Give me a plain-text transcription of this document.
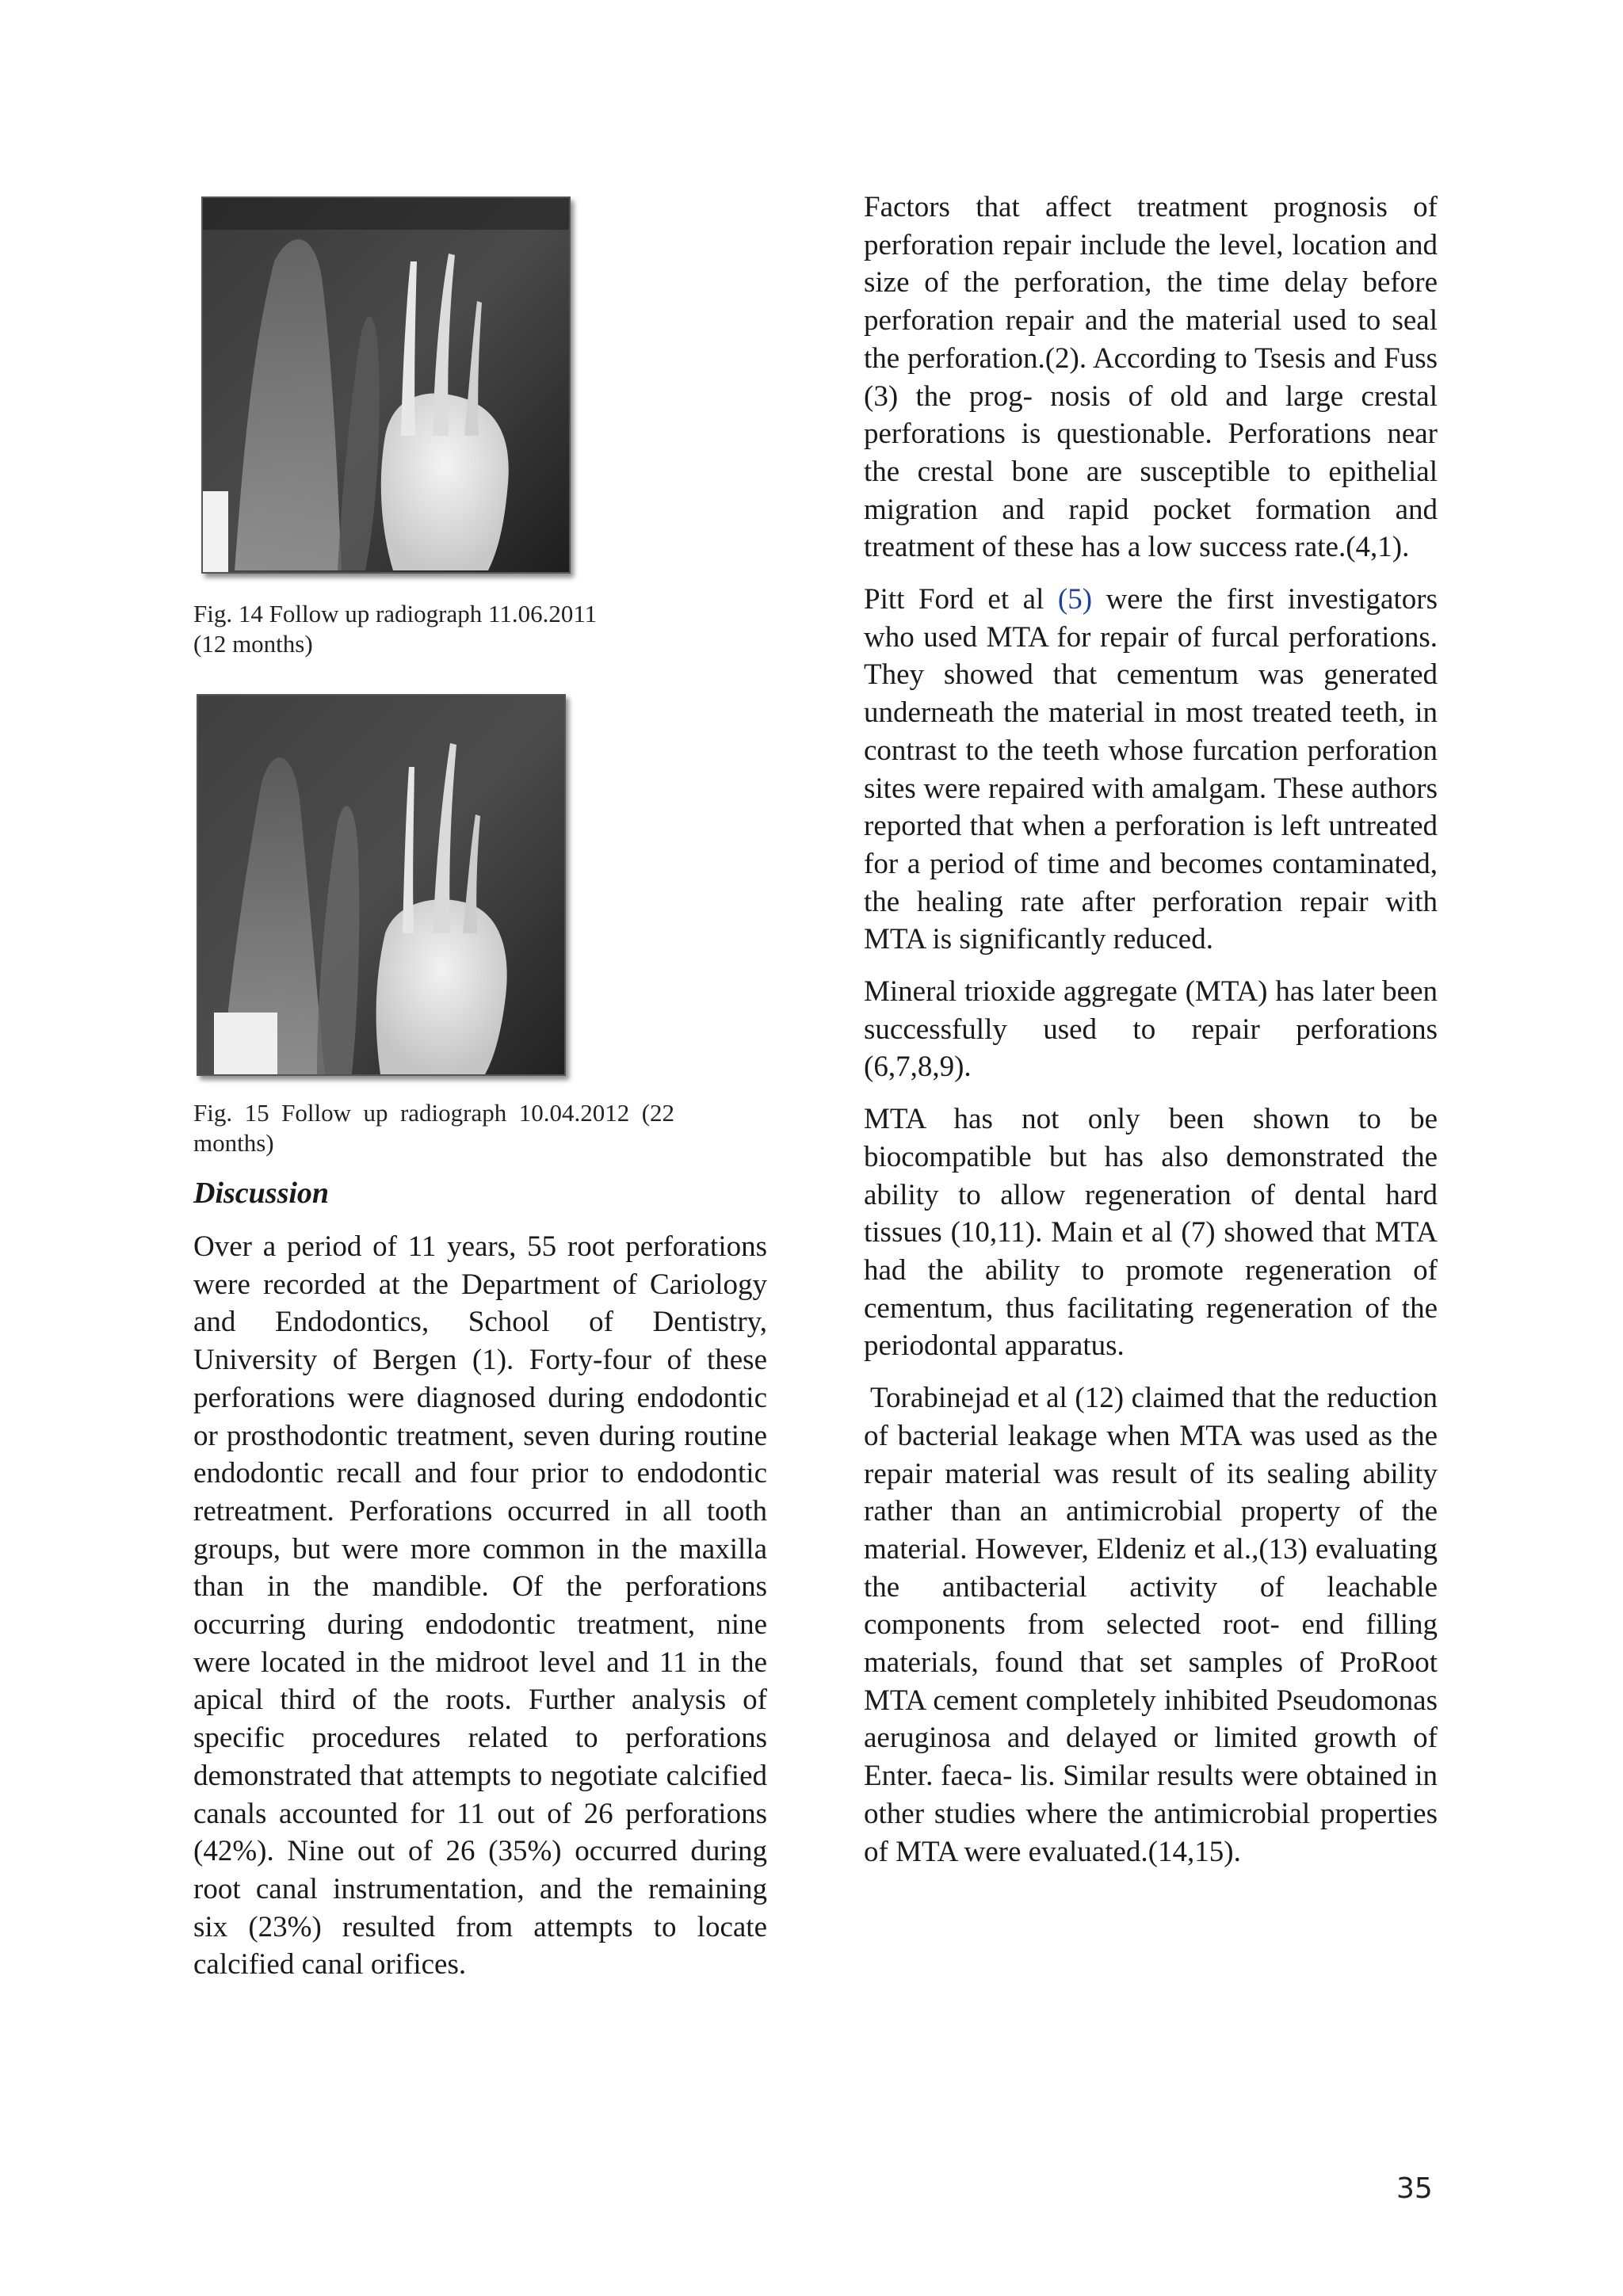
Fig. 14 Follow up radiograph 11.06.2011
(12 months)
Fig.  15  Follow  up  radiograph  10.04.2012  (22
months)
Discussion

Over a period of 11 years, 55 root perforations were recorded at the Department of Cariology and Endodontics, School of Dentistry, University of Bergen (1). Forty-four of these perforations were diagnosed during endodontic or prosthodontic treatment, seven during routine endodontic recall and four prior to endodontic retreatment. Perforations occurred in all tooth groups, but were more common in the maxilla than in the mandible. Of the perforations occurring during endodontic treatment, nine were located in the midroot level and 11 in the apical third of the roots. Further analysis of specific procedures related to perforations demonstrated that attempts to negotiate calcified canals accounted for 11 out of 26 perforations (42%). Nine out of 26 (35%) occurred during root canal instrumentation, and the remaining six (23%) resulted from attempts to locate calcified canal orifices.

Factors that affect treatment prognosis of perforation repair include the level, location and size of the perforation, the time delay before perforation repair and the material used to seal the perforation.(2). According to Tsesis and Fuss (3) the prog- nosis of old and large crestal perforations is questionable. Perforations near the crestal bone are susceptible to epithelial migration and rapid pocket formation and treatment of these has a low success rate.(4,1).

Pitt Ford et al (5) were the first investigators who used MTA for repair of furcal perforations. They showed that cementum was generated underneath the material in most treated teeth, in contrast to the teeth whose furcation perforation sites were repaired with amalgam. These authors reported that when a perforation is left untreated for a period of time and becomes contaminated, the healing rate after perforation repair with MTA is significantly reduced.

Mineral trioxide aggregate (MTA) has later been successfully used to repair perforations (6,7,8,9).

MTA has not only been shown to be biocompatible but has also demonstrated the ability to allow regeneration of dental hard tissues (10,11). Main et al (7) showed that MTA had the ability to promote regeneration of cementum, thus facilitating regeneration of the periodontal apparatus.

Torabinejad et al (12) claimed that the reduction of bacterial leakage when MTA was used as the repair material was result of its sealing ability rather than an antimicrobial property of the material. However, Eldeniz et al.,(13) evaluating the antibacterial activity of leachable components from selected root- end filling materials, found that set samples of ProRoot MTA cement completely inhibited Pseudomonas aeruginosa and delayed or limited growth of Enter. faeca- lis. Similar results were obtained in other studies where the antimicrobial properties of MTA were evaluated.(14,15).

35
